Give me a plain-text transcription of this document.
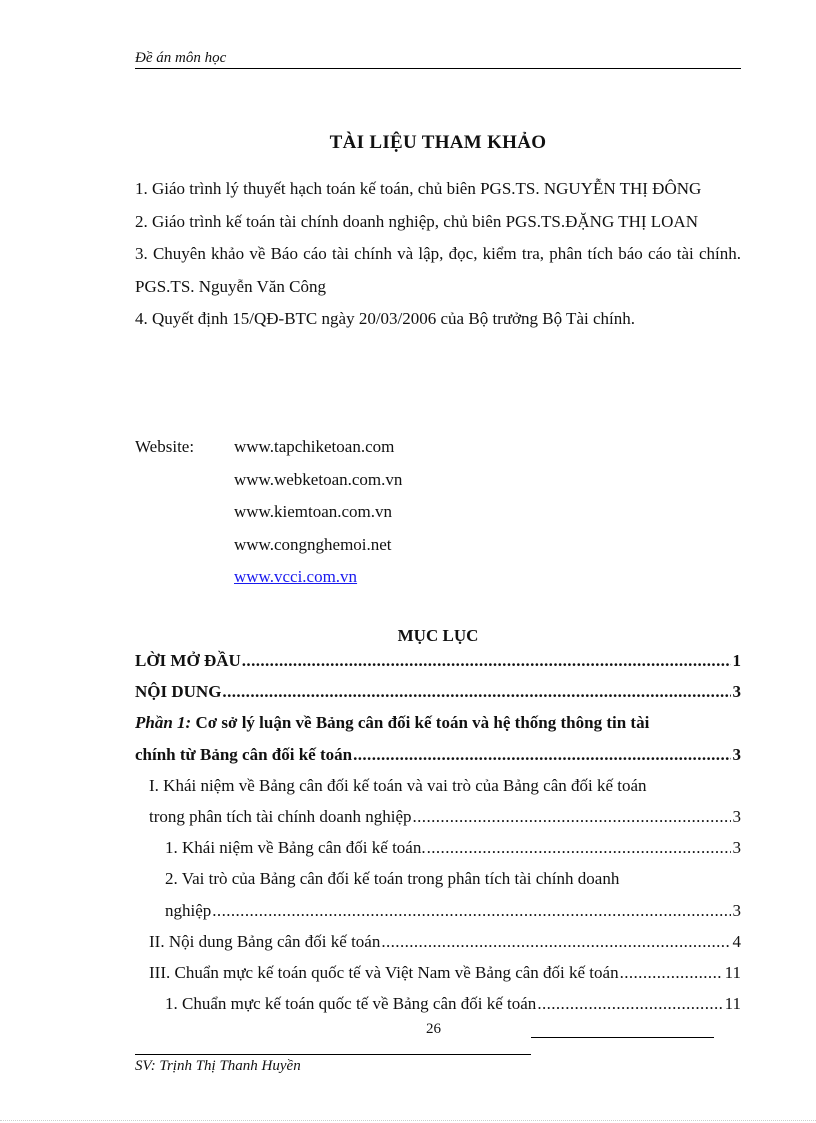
Đề án môn học
TÀI LIỆU THAM KHẢO
1. Giáo trình lý thuyết hạch toán kế toán, chủ biên PGS.TS. NGUYỄN THỊ ĐÔNG
2. Giáo trình kế toán tài chính doanh nghiệp, chủ biên PGS.TS.ĐẶNG THỊ LOAN
3. Chuyên khảo về Báo cáo tài chính và lập, đọc, kiểm tra, phân tích báo cáo tài chính. PGS.TS. Nguyễn Văn Công
4. Quyết định 15/QĐ-BTC ngày 20/03/2006 của Bộ trưởng Bộ Tài chính.
Website: www.tapchiketoan.com
www.webketoan.com.vn
www.kiemtoan.com.vn
www.congnghemoi.net
www.vcci.com.vn
MỤC LỤC
LỜI MỞ ĐẦU .....	1
NỘI DUNG .....	3
Phần 1: Cơ sở lý luận về Bảng cân đối kế toán và hệ thống thông tin tài
chính từ Bảng cân đối kế toán .....	3
I. Khái niệm về Bảng cân đối kế toán và vai trò của Bảng cân đối kế toán
trong phân tích tài chính doanh nghiệp .....	3
1. Khái niệm về Bảng cân đối kế toán. .....	3
2. Vai trò của Bảng cân đối kế toán trong phân tích tài chính doanh
nghiệp .....	3
II. Nội dung Bảng cân đối kế toán .....	4
III. Chuẩn mực kế toán quốc tế và Việt Nam về Bảng cân đối kế toán .....	11
1. Chuẩn mực kế toán quốc tế về Bảng cân đối kế toán .....	11
26
SV: Trịnh Thị Thanh Huyền
